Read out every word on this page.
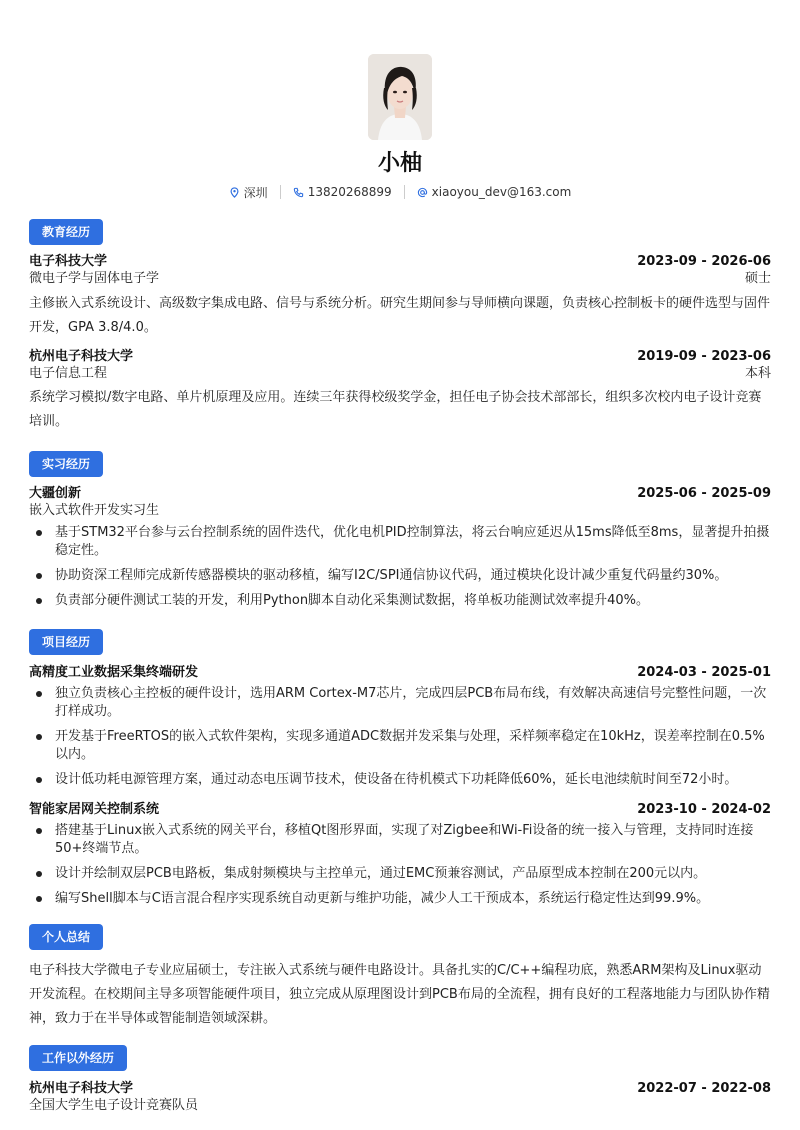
小柚
深圳	13820268899	xiaoyou_dev@163.com
教育经历
电子科技大学	2023-09 - 2026-06
微电子学与固体电子学	硕士
主修嵌入式系统设计、高级数字集成电路、信号与系统分析。研究生期间参与导师横向课题，负责核心控制板卡的硬件选型与固件开发，GPA 3.8/4.0。
杭州电子科技大学	2019-09 - 2023-06
电子信息工程	本科
系统学习模拟/数字电路、单片机原理及应用。连续三年获得校级奖学金，担任电子协会技术部部长，组织多次校内电子设计竞赛培训。
实习经历
大疆创新	2025-06 - 2025-09
嵌入式软件开发实习生
基于STM32平台参与云台控制系统的固件迭代，优化电机PID控制算法，将云台响应延迟从15ms降低至8ms，显著提升拍摄稳定性。
协助资深工程师完成新传感器模块的驱动移植，编写I2C/SPI通信协议代码，通过模块化设计减少重复代码量约30%。
负责部分硬件测试工装的开发，利用Python脚本自动化采集测试数据，将单板功能测试效率提升40%。
项目经历
高精度工业数据采集终端研发	2024-03 - 2025-01
独立负责核心主控板的硬件设计，选用ARM Cortex-M7芯片，完成四层PCB布局布线，有效解决高速信号完整性问题，一次打样成功。
开发基于FreeRTOS的嵌入式软件架构，实现多通道ADC数据并发采集与处理，采样频率稳定在10kHz，误差率控制在0.5%以内。
设计低功耗电源管理方案，通过动态电压调节技术，使设备在待机模式下功耗降低60%，延长电池续航时间至72小时。
智能家居网关控制系统	2023-10 - 2024-02
搭建基于Linux嵌入式系统的网关平台，移植Qt图形界面，实现了对Zigbee和Wi-Fi设备的统一接入与管理，支持同时连接50+终端节点。
设计并绘制双层PCB电路板，集成射频模块与主控单元，通过EMC预兼容测试，产品原型成本控制在200元以内。
编写Shell脚本与C语言混合程序实现系统自动更新与维护功能，减少人工干预成本，系统运行稳定性达到99.9%。
个人总结
电子科技大学微电子专业应届硕士，专注嵌入式系统与硬件电路设计。具备扎实的C/C++编程功底，熟悉ARM架构及Linux驱动开发流程。在校期间主导多项智能硬件项目，独立完成从原理图设计到PCB布局的全流程，拥有良好的工程落地能力与团队协作精神，致力于在半导体或智能制造领域深耕。
工作以外经历
杭州电子科技大学	2022-07 - 2022-08
全国大学生电子设计竞赛队员
